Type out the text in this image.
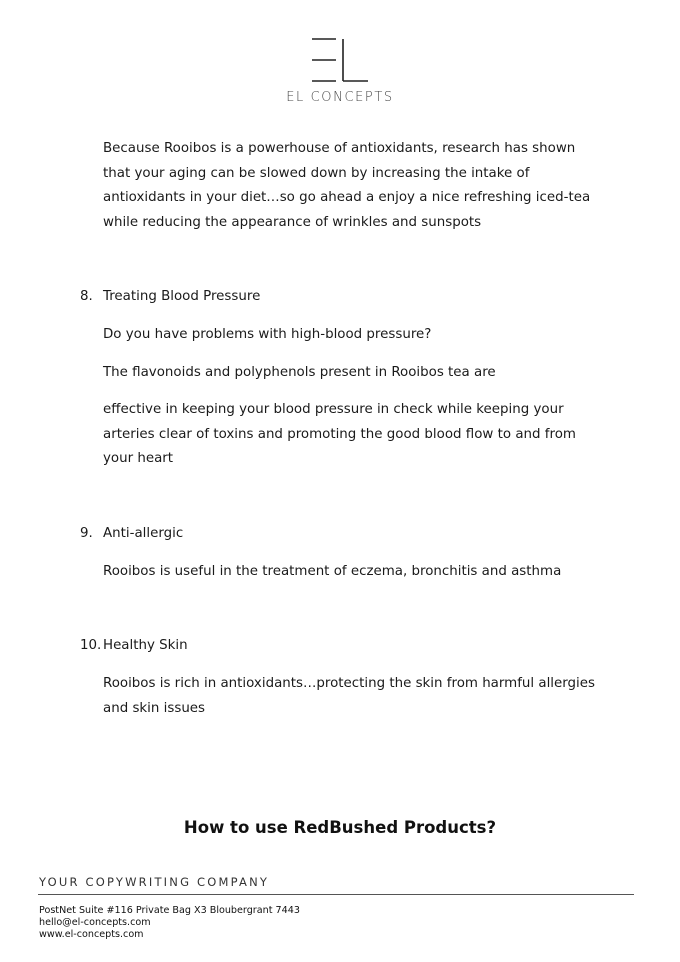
EL CONCEPTS

Because Rooibos is a powerhouse of antioxidants, research has shown
that your aging can be slowed down by increasing the intake of
antioxidants in your diet…so go ahead a enjoy a nice refreshing iced-tea
while reducing the appearance of wrinkles and sunspots

8. Treating Blood Pressure

Do you have problems with high-blood pressure?

The flavonoids and polyphenols present in Rooibos tea are

effective in keeping your blood pressure in check while keeping your
arteries clear of toxins and promoting the good blood flow to and from
your heart

9. Anti-allergic

Rooibos is useful in the treatment of eczema, bronchitis and asthma

10. Healthy Skin

Rooibos is rich in antioxidants…protecting the skin from harmful allergies
and skin issues

How to use RedBushed Products?
YOUR COPYWRITING COMPANY
PostNet Suite #116 Private Bag X3 Bloubergrant 7443
hello@el-concepts.com
www.el-concepts.com
